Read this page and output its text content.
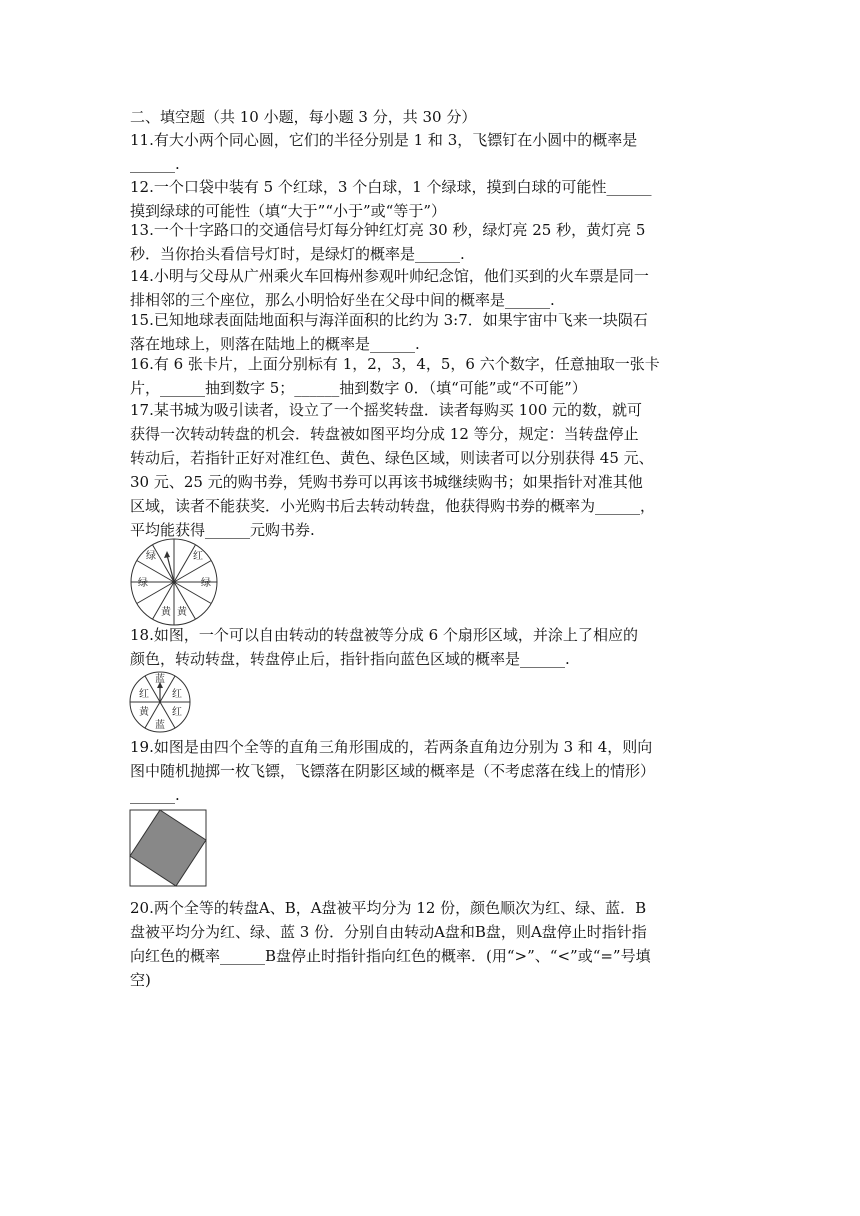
二、填空题（共 10 小题，每小题 3 分，共 30 分）

11.有大小两个同心圆，它们的半径分别是 1 和 3，飞镖钉在小圆中的概率是

______.

12.一个口袋中装有 5 个红球，3 个白球，1 个绿球，摸到白球的可能性______

摸到绿球的可能性（填“大于”“小于”或“等于”）

13.一个十字路口的交通信号灯每分钟红灯亮 30 秒，绿灯亮 25 秒，黄灯亮 5

秒．当你抬头看信号灯时，是绿灯的概率是______.

14.小明与父母从广州乘火车回梅州参观叶帅纪念馆，他们买到的火车票是同一

排相邻的三个座位，那么小明恰好坐在父母中间的概率是______.

15.已知地球表面陆地面积与海洋面积的比约为 3:7．如果宇宙中飞来一块陨石

落在地球上，则落在陆地上的概率是______.

16.有 6 张卡片，上面分别标有 1，2，3，4，5，6 六个数字，任意抽取一张卡

片，______抽到数字 5；______抽到数字 0．（填“可能”或“不可能”）

17.某书城为吸引读者，设立了一个摇奖转盘．读者每购买 100 元的数，就可

获得一次转动转盘的机会．转盘被如图平均分成 12 等分，规定：当转盘停止

转动后，若指针正好对准红色、黄色、绿色区域，则读者可以分别获得 45 元、

30 元、25 元的购书券，凭购书券可以再该书城继续购书；如果指针对准其他

区域，读者不能获奖．小光购书后去转动转盘，他获得购书券的概率为______，

平均能获得______元购书券.

绿	红
绿	绿
黄 黄

18.如图，一个可以自由转动的转盘被等分成 6 个扇形区域，并涂上了相应的

颜色，转动转盘，转盘停止后，指针指向蓝色区域的概率是______.

蓝
红 红
红
蓝
黄

19.如图是由四个全等的直角三角形围成的，若两条直角边分别为 3 和 4，则向

图中随机抛掷一枚飞镖，飞镖落在阴影区域的概率是（不考虑落在线上的情形）

______.

20.两个全等的转盘A、B，A盘被平均分为 12 份，颜色顺次为红、绿、蓝．B

盘被平均分为红、绿、蓝 3 份．分别自由转动A盘和B盘，则A盘停止时指针指

向红色的概率______B盘停止时指针指向红色的概率．(用“>”、“<”或“=”号填

空)
